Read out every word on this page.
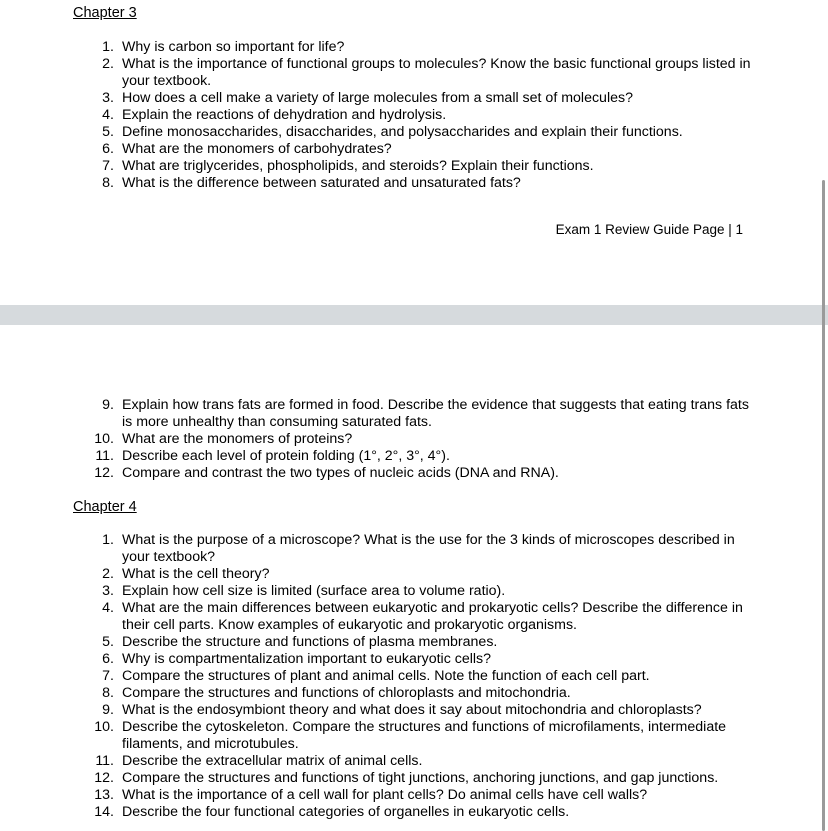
Chapter 3
1. Why is carbon so important for life?
2. What is the importance of functional groups to molecules? Know the basic functional groups listed in your textbook.
3. How does a cell make a variety of large molecules from a small set of molecules?
4. Explain the reactions of dehydration and hydrolysis.
5. Define monosaccharides, disaccharides, and polysaccharides and explain their functions.
6. What are the monomers of carbohydrates?
7. What are triglycerides, phospholipids, and steroids? Explain their functions.
8. What is the difference between saturated and unsaturated fats?
Exam 1 Review Guide Page | 1
9. Explain how trans fats are formed in food. Describe the evidence that suggests that eating trans fats is more unhealthy than consuming saturated fats.
10. What are the monomers of proteins?
11. Describe each level of protein folding (1°, 2°, 3°, 4°).
12. Compare and contrast the two types of nucleic acids (DNA and RNA).
Chapter 4
1. What is the purpose of a microscope? What is the use for the 3 kinds of microscopes described in your textbook?
2. What is the cell theory?
3. Explain how cell size is limited (surface area to volume ratio).
4. What are the main differences between eukaryotic and prokaryotic cells? Describe the difference in their cell parts. Know examples of eukaryotic and prokaryotic organisms.
5. Describe the structure and functions of plasma membranes.
6. Why is compartmentalization important to eukaryotic cells?
7. Compare the structures of plant and animal cells. Note the function of each cell part.
8. Compare the structures and functions of chloroplasts and mitochondria.
9. What is the endosymbiont theory and what does it say about mitochondria and chloroplasts?
10. Describe the cytoskeleton. Compare the structures and functions of microfilaments, intermediate filaments, and microtubules.
11. Describe the extracellular matrix of animal cells.
12. Compare the structures and functions of tight junctions, anchoring junctions, and gap junctions.
13. What is the importance of a cell wall for plant cells? Do animal cells have cell walls?
14. Describe the four functional categories of organelles in eukaryotic cells.
